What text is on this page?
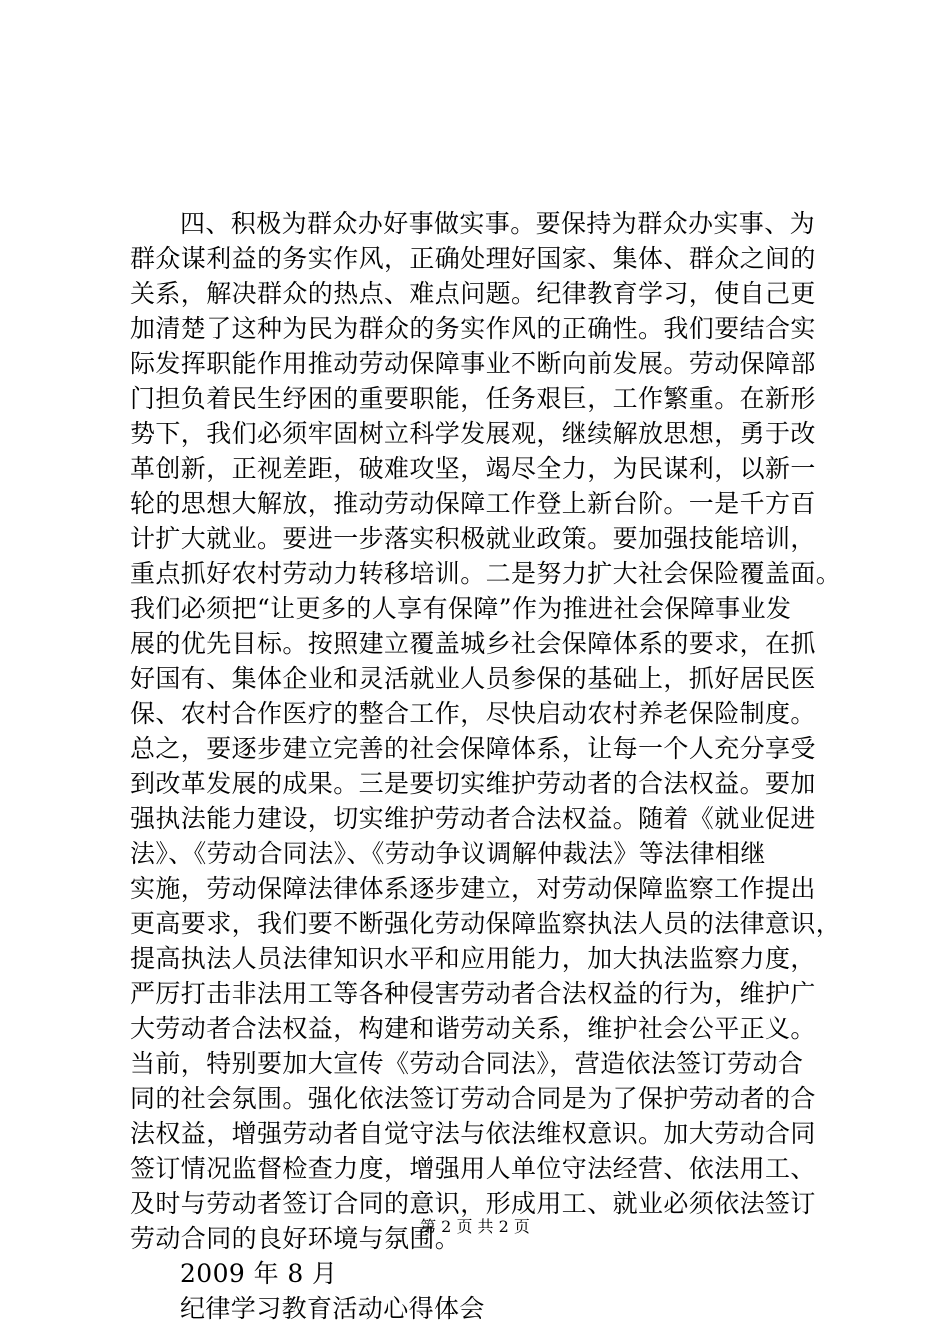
四、积极为群众办好事做实事。要保持为群众办实事、为
群众谋利益的务实作风，正确处理好国家、集体、群众之间的
关系，解决群众的热点、难点问题。纪律教育学习，使自己更
加清楚了这种为民为群众的务实作风的正确性。我们要结合实
际发挥职能作用推动劳动保障事业不断向前发展。劳动保障部
门担负着民生纾困的重要职能，任务艰巨，工作繁重。在新形
势下，我们必须牢固树立科学发展观，继续解放思想，勇于改
革创新，正视差距，破难攻坚，竭尽全力，为民谋利，以新一
轮的思想大解放，推动劳动保障工作登上新台阶。一是千方百
计扩大就业。要进一步落实积极就业政策。要加强技能培训，
重点抓好农村劳动力转移培训。二是努力扩大社会保险覆盖面。
我们必须把“让更多的人享有保障”作为推进社会保障事业发
展的优先目标。按照建立覆盖城乡社会保障体系的要求，在抓
好国有、集体企业和灵活就业人员参保的基础上，抓好居民医
保、农村合作医疗的整合工作，尽快启动农村养老保险制度。
总之，要逐步建立完善的社会保障体系，让每一个人充分享受
到改革发展的成果。三是要切实维护劳动者的合法权益。要加
强执法能力建设，切实维护劳动者合法权益。随着《就业促进
法》、《劳动合同法》、《劳动争议调解仲裁法》等法律相继
实施，劳动保障法律体系逐步建立，对劳动保障监察工作提出
更高要求，我们要不断强化劳动保障监察执法人员的法律意识，
提高执法人员法律知识水平和应用能力，加大执法监察力度，
严厉打击非法用工等各种侵害劳动者合法权益的行为，维护广
大劳动者合法权益，构建和谐劳动关系，维护社会公平正义。
当前，特别要加大宣传《劳动合同法》，营造依法签订劳动合
同的社会氛围。强化依法签订劳动合同是为了保护劳动者的合
法权益，增强劳动者自觉守法与依法维权意识。加大劳动合同
签订情况监督检查力度，增强用人单位守法经营、依法用工、
及时与劳动者签订合同的意识，形成用工、就业必须依法签订
劳动合同的良好环境与氛围。
2009 年 8 月
纪律学习教育活动心得体会
第 2 页 共 2 页
